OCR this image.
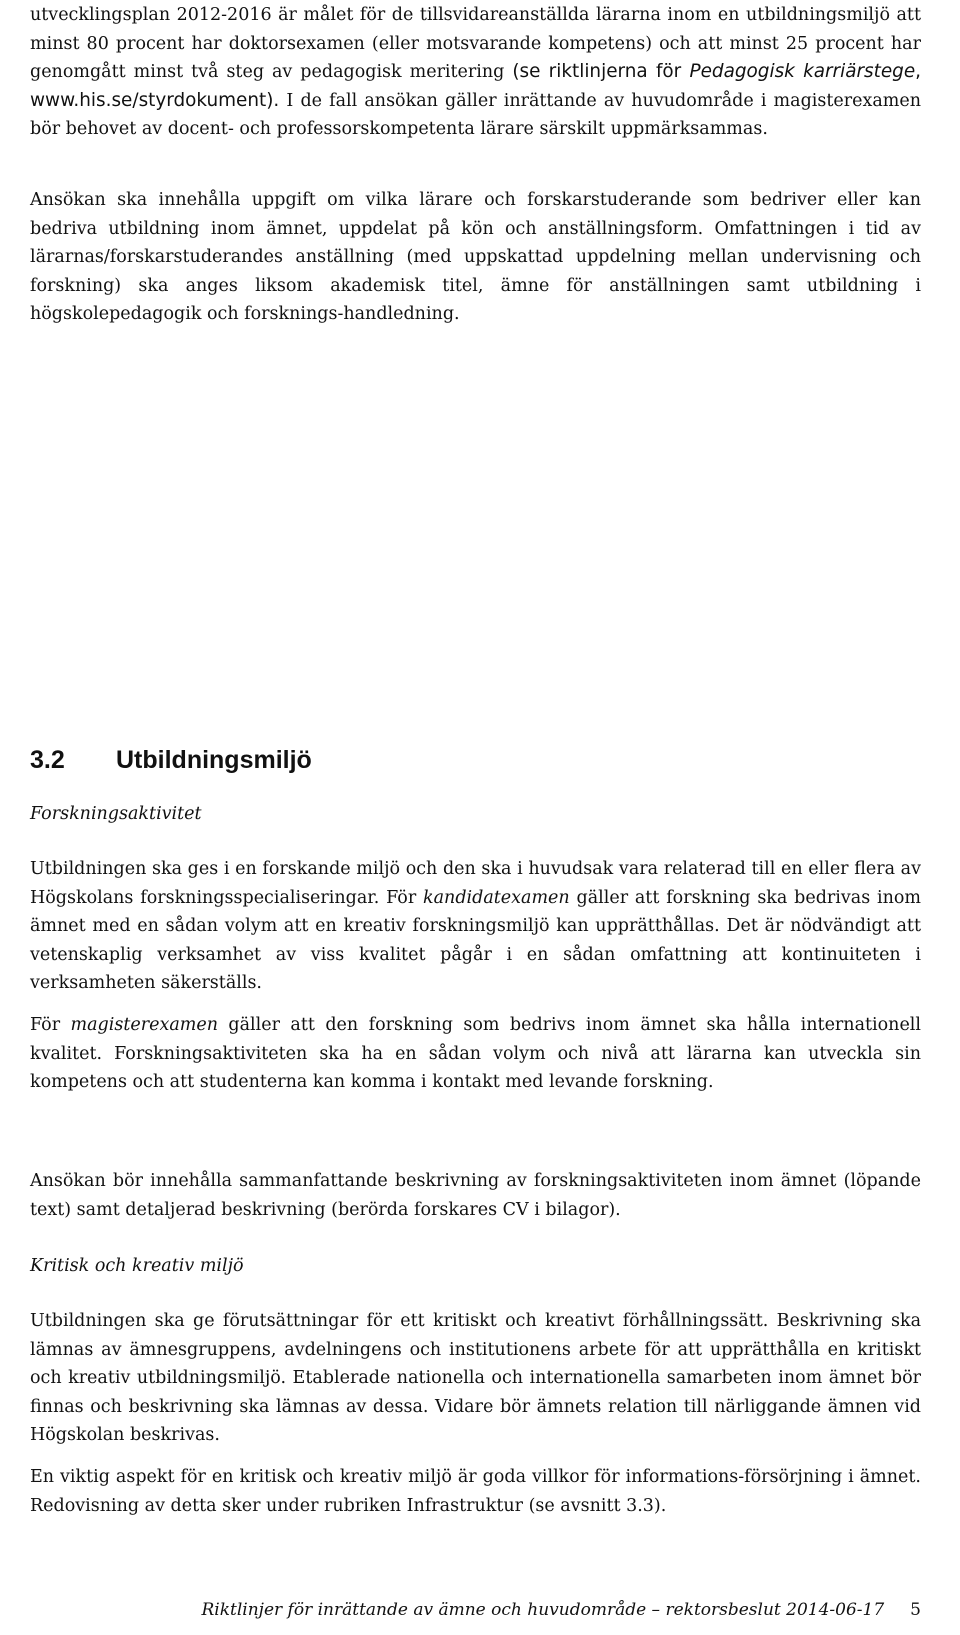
utvecklingsplan 2012-2016 är målet för de tillsvidareanställda lärarna inom en utbildningsmiljö att minst 80 procent har doktorsexamen (eller motsvarande kompetens) och att minst 25 procent har genomgått minst två steg av pedagogisk meritering (se riktlinjerna för Pedagogisk karriärstege, www.his.se/styrdokument). I de fall ansökan gäller inrättande av huvudområde i magisterexamen bör behovet av docent- och professorskompetenta lärare särskilt uppmärksammas.

Ansökan ska innehålla uppgift om vilka lärare och forskarstuderande som bedriver eller kan bedriva utbildning inom ämnet, uppdelat på kön och anställningsform. Omfattningen i tid av lärarnas/forskarstuderandes anställning (med uppskattad uppdelning mellan undervisning och forskning) ska anges liksom akademisk titel, ämne för anställningen samt utbildning i högskolepedagogik och forsknings-handledning.

3.2 Utbildningsmiljö

Forskningsaktivitet

Utbildningen ska ges i en forskande miljö och den ska i huvudsak vara relaterad till en eller flera av Högskolans forskningsspecialiseringar. För kandidatexamen gäller att forskning ska bedrivas inom ämnet med en sådan volym att en kreativ forskningsmiljö kan upprätthållas. Det är nödvändigt att vetenskaplig verksamhet av viss kvalitet pågår i en sådan omfattning att kontinuiteten i verksamheten säkerställs.

För magisterexamen gäller att den forskning som bedrivs inom ämnet ska hålla internationell kvalitet. Forskningsaktiviteten ska ha en sådan volym och nivå att lärarna kan utveckla sin kompetens och att studenterna kan komma i kontakt med levande forskning.

Ansökan bör innehålla sammanfattande beskrivning av forskningsaktiviteten inom ämnet (löpande text) samt detaljerad beskrivning (berörda forskares CV i bilagor).

Kritisk och kreativ miljö

Utbildningen ska ge förutsättningar för ett kritiskt och kreativt förhållningssätt. Beskrivning ska lämnas av ämnesgruppens, avdelningens och institutionens arbete för att upprätthålla en kritiskt och kreativ utbildningsmiljö. Etablerade nationella och internationella samarbeten inom ämnet bör finnas och beskrivning ska lämnas av dessa. Vidare bör ämnets relation till närliggande ämnen vid Högskolan beskrivas.

En viktig aspekt för en kritisk och kreativ miljö är goda villkor för informations-försörjning i ämnet. Redovisning av detta sker under rubriken Infrastruktur (se avsnitt 3.3).

Riktlinjer för inrättande av ämne och huvudområde – rektorsbeslut 2014-06-17 5
